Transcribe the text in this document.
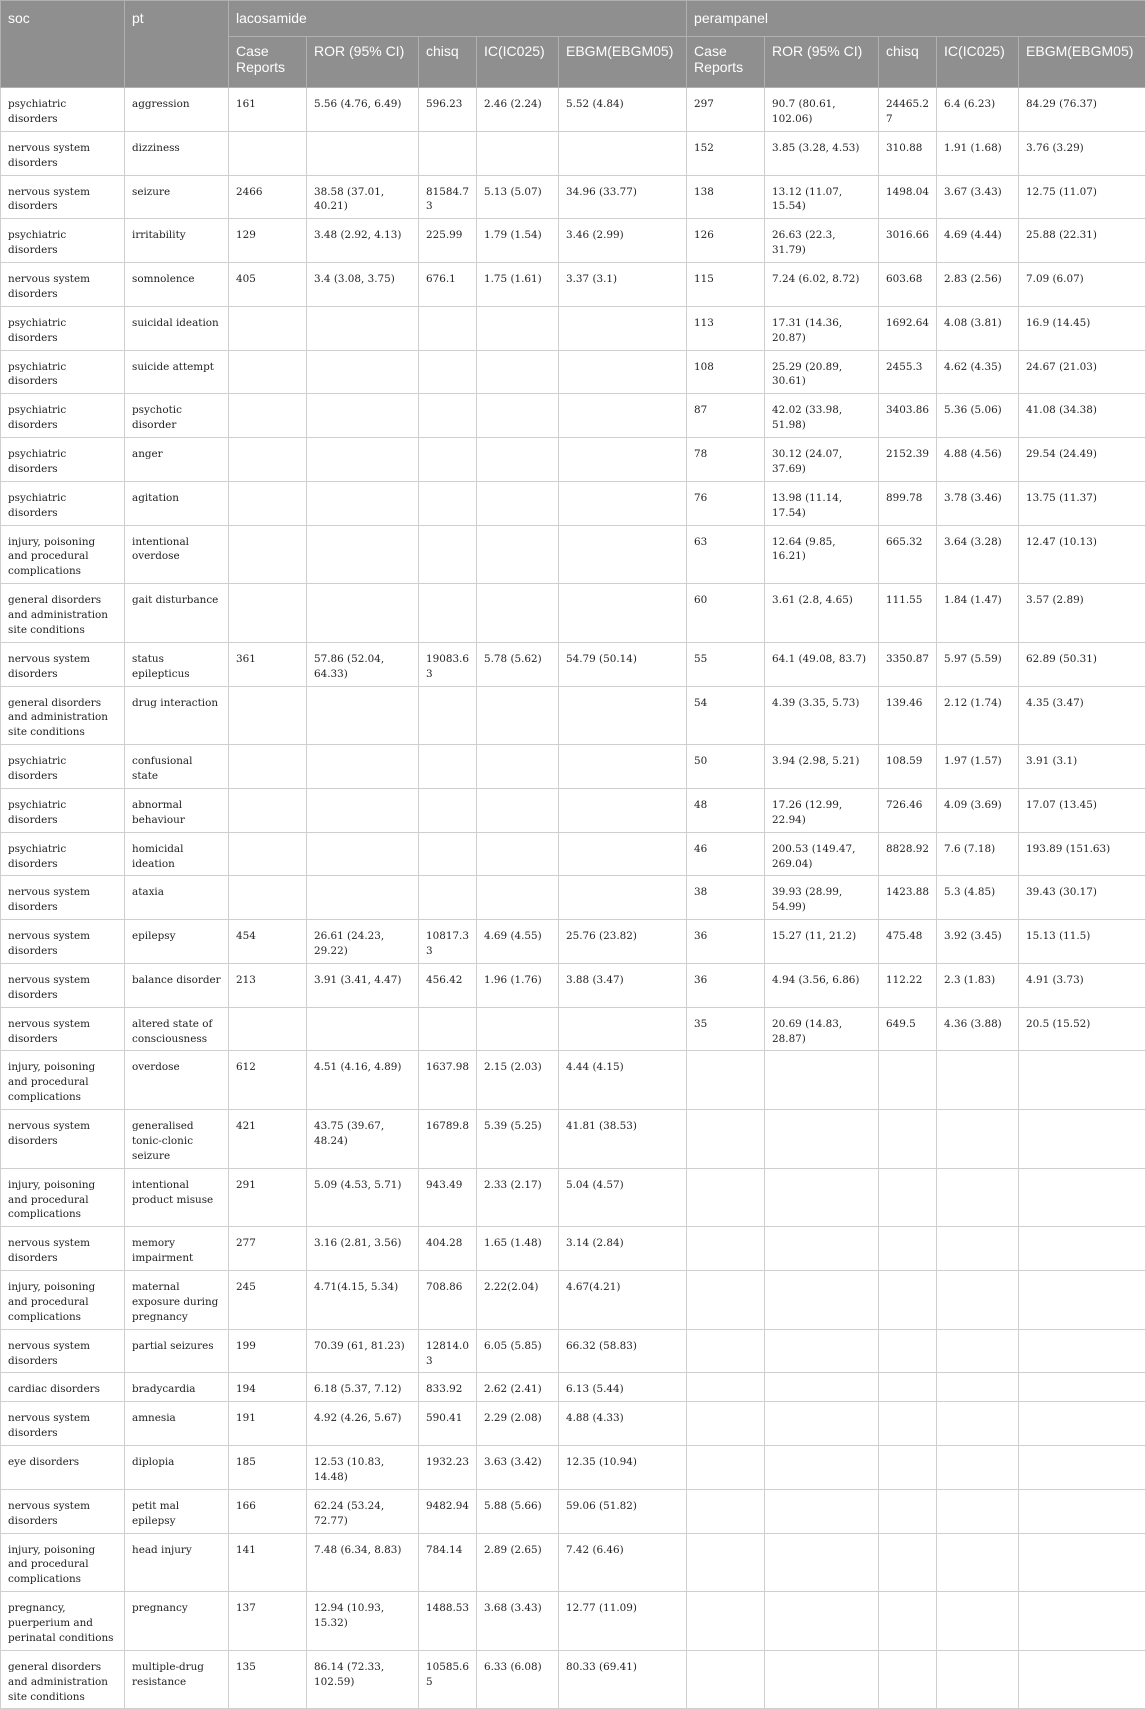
soc	pt	lacosamide					perampanel				
		Case Reports	ROR (95% CI)	chisq	IC(IC025)	EBGM(EBGM05)	Case Reports	ROR (95% CI)	chisq	IC(IC025)	EBGM(EBGM05)
psychiatric disorders	aggression	161	5.56 (4.76, 6.49)	596.23	2.46 (2.24)	5.52 (4.84)	297	90.7 (80.61, 102.06)	24465.27	6.4 (6.23)	84.29 (76.37)
nervous system disorders	dizziness						152	3.85 (3.28, 4.53)	310.88	1.91 (1.68)	3.76 (3.29)
nervous system disorders	seizure	2466	38.58 (37.01, 40.21)	81584.73	5.13 (5.07)	34.96 (33.77)	138	13.12 (11.07, 15.54)	1498.04	3.67 (3.43)	12.75 (11.07)
psychiatric disorders	irritability	129	3.48 (2.92, 4.13)	225.99	1.79 (1.54)	3.46 (2.99)	126	26.63 (22.3, 31.79)	3016.66	4.69 (4.44)	25.88 (22.31)
nervous system disorders	somnolence	405	3.4 (3.08, 3.75)	676.1	1.75 (1.61)	3.37 (3.1)	115	7.24 (6.02, 8.72)	603.68	2.83 (2.56)	7.09 (6.07)
psychiatric disorders	suicidal ideation						113	17.31 (14.36, 20.87)	1692.64	4.08 (3.81)	16.9 (14.45)
psychiatric disorders	suicide attempt						108	25.29 (20.89, 30.61)	2455.3	4.62 (4.35)	24.67 (21.03)
psychiatric disorders	psychotic disorder						87	42.02 (33.98, 51.98)	3403.86	5.36 (5.06)	41.08 (34.38)
psychiatric disorders	anger						78	30.12 (24.07, 37.69)	2152.39	4.88 (4.56)	29.54 (24.49)
psychiatric disorders	agitation						76	13.98 (11.14, 17.54)	899.78	3.78 (3.46)	13.75 (11.37)
injury, poisoning and procedural complications	intentional overdose						63	12.64 (9.85, 16.21)	665.32	3.64 (3.28)	12.47 (10.13)
general disorders and administration site conditions	gait disturbance						60	3.61 (2.8, 4.65)	111.55	1.84 (1.47)	3.57 (2.89)
nervous system disorders	status epilepticus	361	57.86 (52.04, 64.33)	19083.63	5.78 (5.62)	54.79 (50.14)	55	64.1 (49.08, 83.7)	3350.87	5.97 (5.59)	62.89 (50.31)
general disorders and administration site conditions	drug interaction						54	4.39 (3.35, 5.73)	139.46	2.12 (1.74)	4.35 (3.47)
psychiatric disorders	confusional state						50	3.94 (2.98, 5.21)	108.59	1.97 (1.57)	3.91 (3.1)
psychiatric disorders	abnormal behaviour						48	17.26 (12.99, 22.94)	726.46	4.09 (3.69)	17.07 (13.45)
psychiatric disorders	homicidal ideation						46	200.53 (149.47, 269.04)	8828.92	7.6 (7.18)	193.89 (151.63)
nervous system disorders	ataxia						38	39.93 (28.99, 54.99)	1423.88	5.3 (4.85)	39.43 (30.17)
nervous system disorders	epilepsy	454	26.61 (24.23, 29.22)	10817.33	4.69 (4.55)	25.76 (23.82)	36	15.27 (11, 21.2)	475.48	3.92 (3.45)	15.13 (11.5)
nervous system disorders	balance disorder	213	3.91 (3.41, 4.47)	456.42	1.96 (1.76)	3.88 (3.47)	36	4.94 (3.56, 6.86)	112.22	2.3 (1.83)	4.91 (3.73)
nervous system disorders	altered state of consciousness						35	20.69 (14.83, 28.87)	649.5	4.36 (3.88)	20.5 (15.52)
injury, poisoning and procedural complications	overdose	612	4.51 (4.16, 4.89)	1637.98	2.15 (2.03)	4.44 (4.15)					
nervous system disorders	generalised tonic-clonic seizure	421	43.75 (39.67, 48.24)	16789.8	5.39 (5.25)	41.81 (38.53)					
injury, poisoning and procedural complications	intentional product misuse	291	5.09 (4.53, 5.71)	943.49	2.33 (2.17)	5.04 (4.57)					
nervous system disorders	memory impairment	277	3.16 (2.81, 3.56)	404.28	1.65 (1.48)	3.14 (2.84)					
injury, poisoning and procedural complications	maternal exposure during pregnancy	245	4.71(4.15, 5.34)	708.86	2.22(2.04)	4.67(4.21)					
nervous system disorders	partial seizures	199	70.39 (61, 81.23)	12814.03	6.05 (5.85)	66.32 (58.83)					
cardiac disorders	bradycardia	194	6.18 (5.37, 7.12)	833.92	2.62 (2.41)	6.13 (5.44)					
nervous system disorders	amnesia	191	4.92 (4.26, 5.67)	590.41	2.29 (2.08)	4.88 (4.33)					
eye disorders	diplopia	185	12.53 (10.83, 14.48)	1932.23	3.63 (3.42)	12.35 (10.94)					
nervous system disorders	petit mal epilepsy	166	62.24 (53.24, 72.77)	9482.94	5.88 (5.66)	59.06 (51.82)					
injury, poisoning and procedural complications	head injury	141	7.48 (6.34, 8.83)	784.14	2.89 (2.65)	7.42 (6.46)					
pregnancy, puerperium and perinatal conditions	pregnancy	137	12.94 (10.93, 15.32)	1488.53	3.68 (3.43)	12.77 (11.09)					
general disorders and administration site conditions	multiple-drug resistance	135	86.14 (72.33, 102.59)	10585.65	6.33 (6.08)	80.33 (69.41)					
